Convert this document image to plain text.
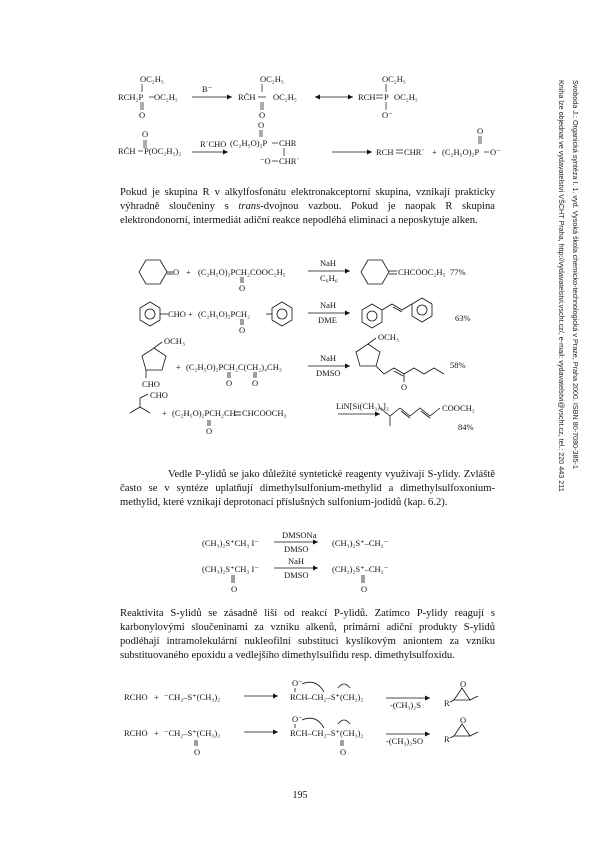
Svoboda J.: Organická syntéza I. 1. vyd. Vysoká škola chemicko-technologická v Praze, Praha 2000. ISBN 80-7080-385-1
Kniha lze objednat ve vydavatelství VŠCHT Praha, http://vydavatelstvi.vscht.cz/, e-mail: vydavatelstvi@vscht.cz, tel.: 220 443 211
OC₂H₅
RCH₂P OC₂H₅
O
B⁻
OC₂H₅
RC̄H OC₂H₅
O
OC₂H₅
RCH P OC₂H₅
O⁻
RC̄H P(OC₂H₅)₂
O
R´CHO
O
(C₂H₅O)₂P CHR
⁻O CHR´
RCH CHR´ + (C₂H₅O)₂P O⁻
O

Pokud je skupina R v alkylfosfonátu elektronakceptorní skupina, vznikají prakticky výhradně sloučeniny s trans-dvojnou vazbou. Pokud je naopak R skupina elektrondonorní, intermediát adiční reakce nepodléhá eliminaci a neposkytuje alken.

O + (C₂H₅O)₂PCH₂COOC₂H₅
O
NaH
C₆H₆
CHCOOC₂H₅ 77%
CHO + (C₂H₅O)₂PCH₂
O
NaH
DME	63%
OCH₃
CHO
+ (C₂H₅O)₂PCH₂C(CH₂)₄CH₃
O O
NaH
DMSO
OCH₃
O
58%
CHO
+ (C₂H₅O)₂PCH₂CH CHCOOCH₃
O
LiN[Si(CH₃)₃]₂	COOCH₃
84%

Vedle P-ylidů se jako důležité syntetické reagenty využívají S-ylidy. Zvláště často se v syntéze uplatňují dimethylsulfonium-methylid a dimethylsulfoxonium-methylid, které vznikají deprotonací příslušných sulfonium-jodidů (kap. 6.2).

(CH₃)₂S⁺CH₃ I⁻
DMSONa
DMSO
(CH₃)₂S⁺–CH₂⁻
(CH₃)₂S⁺CH₃ I⁻
NaH
DMSO
(CH₃)₂S⁺–CH₂⁻
O	O

Reaktivita S-ylidů se zásadně liší od reakcí P-ylidů. Zatímco P-ylidy reagují s karbonylovými sloučeninami za vzniku alkenů, primární adiční produkty S-ylidů podléhají intramolekulární nukleofilní substituci kyslíkovým aniontem za vzniku substituovaného epoxidu a vedlejšího dimethylsulfidu resp. dimethylsulfoxidu.

RCHO + ⁻CH₂–S⁺(CH₃)₂
O⁻
RCH–CH₂–S⁺(CH₃)₂
-(CH₃)₂S	R
O
RCHO + ⁻CH₂–S⁺(CH₃)₂
O
O⁻
RCH–CH₂–S⁺(CH₃)₂
O
-(CH₃)₂SO R
O
195
